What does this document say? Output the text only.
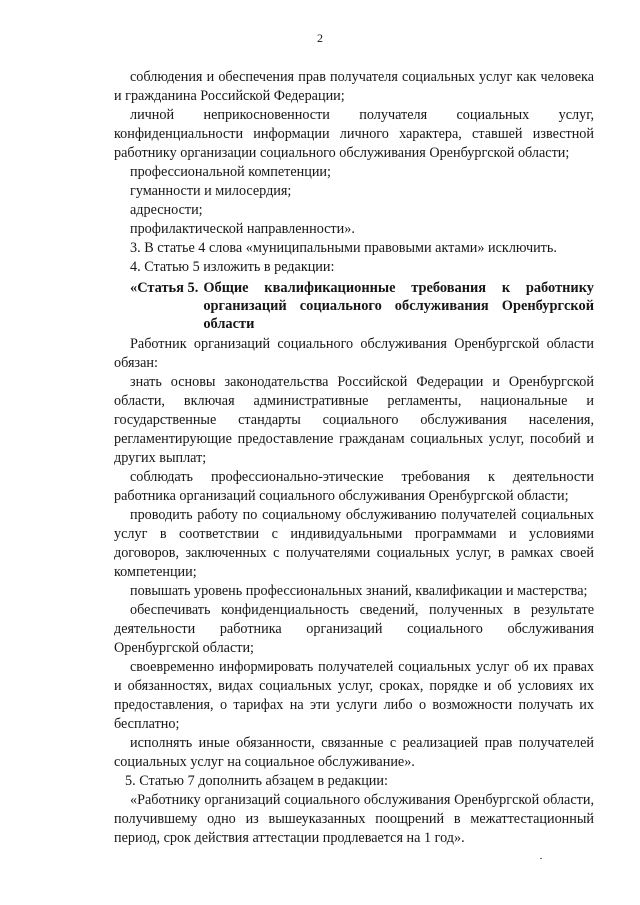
2

соблюдения и обеспечения прав получателя социальных услуг как человека и гражданина Российской Федерации;

личной неприкосновенности получателя социальных услуг, конфиденциальности информации личного характера, ставшей известной работнику организации социального обслуживания Оренбургской области;

профессиональной компетенции;

гуманности и милосердия;

адресности;

профилактической направленности».

3. В статье 4 слова «муниципальными правовыми актами» исключить.

4. Статью 5 изложить в редакции:

«Статья 5. Общие квалификационные требования к работнику организаций социального обслуживания Оренбургской области

Работник организаций социального обслуживания Оренбургской области обязан:

знать основы законодательства Российской Федерации и Оренбургской области, включая административные регламенты, национальные и государственные стандарты социального обслуживания населения, регламентирующие предоставление гражданам социальных услуг, пособий и других выплат;

соблюдать профессионально-этические требования к деятельности работника организаций социального обслуживания Оренбургской области;

проводить работу по социальному обслуживанию получателей социальных услуг в соответствии с индивидуальными программами и условиями договоров, заключенных с получателями социальных услуг, в рамках своей компетенции;

повышать уровень профессиональных знаний, квалификации и мастерства;

обеспечивать конфиденциальность сведений, полученных в результате деятельности работника организаций социального обслуживания Оренбургской области;

своевременно информировать получателей социальных услуг об их правах и обязанностях, видах социальных услуг, сроках, порядке и об условиях их предоставления, о тарифах на эти услуги либо о возможности получать их бесплатно;

исполнять иные обязанности, связанные с реализацией прав получателей социальных услуг на социальное обслуживание».

5. Статью 7 дополнить абзацем в редакции:

«Работнику организаций социального обслуживания Оренбургской области, получившему одно из вышеуказанных поощрений в межаттестационный период, срок действия аттестации продлевается на 1 год».
